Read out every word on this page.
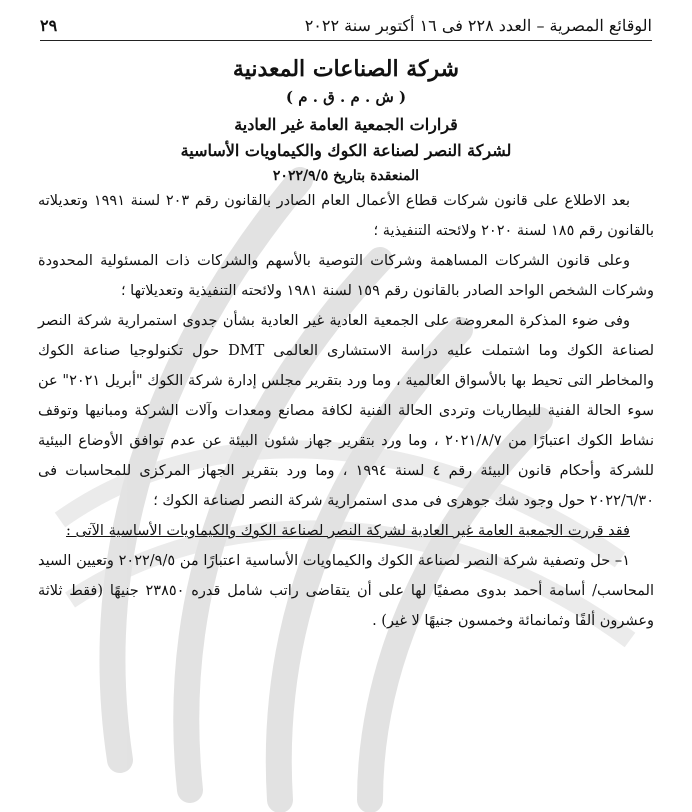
الوقائع المصرية – العدد ٢٢٨ فى ١٦ أكتوبر سنة ٢٠٢٢
٢٩
شركة الصناعات المعدنية
( ش . م . ق . م )
قرارات الجمعية العامة غير العادية
لشركة النصر لصناعة الكوك والكيماويات الأساسية
المنعقدة بتاريخ ٢٠٢٢/٩/٥

بعد الاطلاع على قانون شركات قطاع الأعمال العام الصادر بالقانون رقم ٢٠٣ لسنة ١٩٩١ وتعديلاته بالقانون رقم ١٨٥ لسنة ٢٠٢٠ ولائحته التنفيذية ؛

وعلى قانون الشركات المساهمة وشركات التوصية بالأسهم والشركات ذات المسئولية المحدودة وشركات الشخص الواحد الصادر بالقانون رقم ١٥٩ لسنة ١٩٨١ ولائحته التنفيذية وتعديلاتها ؛

وفى ضوء المذكرة المعروضة على الجمعية العادية غير العادية بشأن جدوى استمرارية شركة النصر لصناعة الكوك وما اشتملت عليه دراسة الاستشارى العالمى DMT حول تكنولوجيا صناعة الكوك والمخاطر التى تحيط بها بالأسواق العالمية ، وما ورد بتقرير مجلس إدارة شركة الكوك "أبريل ٢٠٢١" عن سوء الحالة الفنية للبطاريات وتردى الحالة الفنية لكافة مصانع ومعدات وآلات الشركة ومبانيها وتوقف نشاط الكوك اعتبارًا من ٢٠٢١/٨/٧ ، وما ورد بتقرير جهاز شئون البيئة عن عدم توافق الأوضاع البيئية للشركة وأحكام قانون البيئة رقم ٤ لسنة ١٩٩٤ ، وما ورد بتقرير الجهاز المركزى للمحاسبات فى ٢٠٢٢/٦/٣٠ حول وجود شك جوهرى فى مدى استمرارية شركة النصر لصناعة الكوك ؛

فقد قررت الجمعية العامة غير العادية لشركة النصر لصناعة الكوك والكيماويات الأساسية الآتى :

١– حل وتصفية شركة النصر لصناعة الكوك والكيماويات الأساسية اعتبارًا من ٢٠٢٢/٩/٥ وتعيين السيد المحاسب/ أسامة أحمد بدوى مصفيًا لها على أن يتقاضى راتب شامل قدره ٢٣٨٥٠ جنيهًا (فقط ثلاثة وعشرون ألفًا وثمانمائة وخمسون جنيهًا لا غير) .
